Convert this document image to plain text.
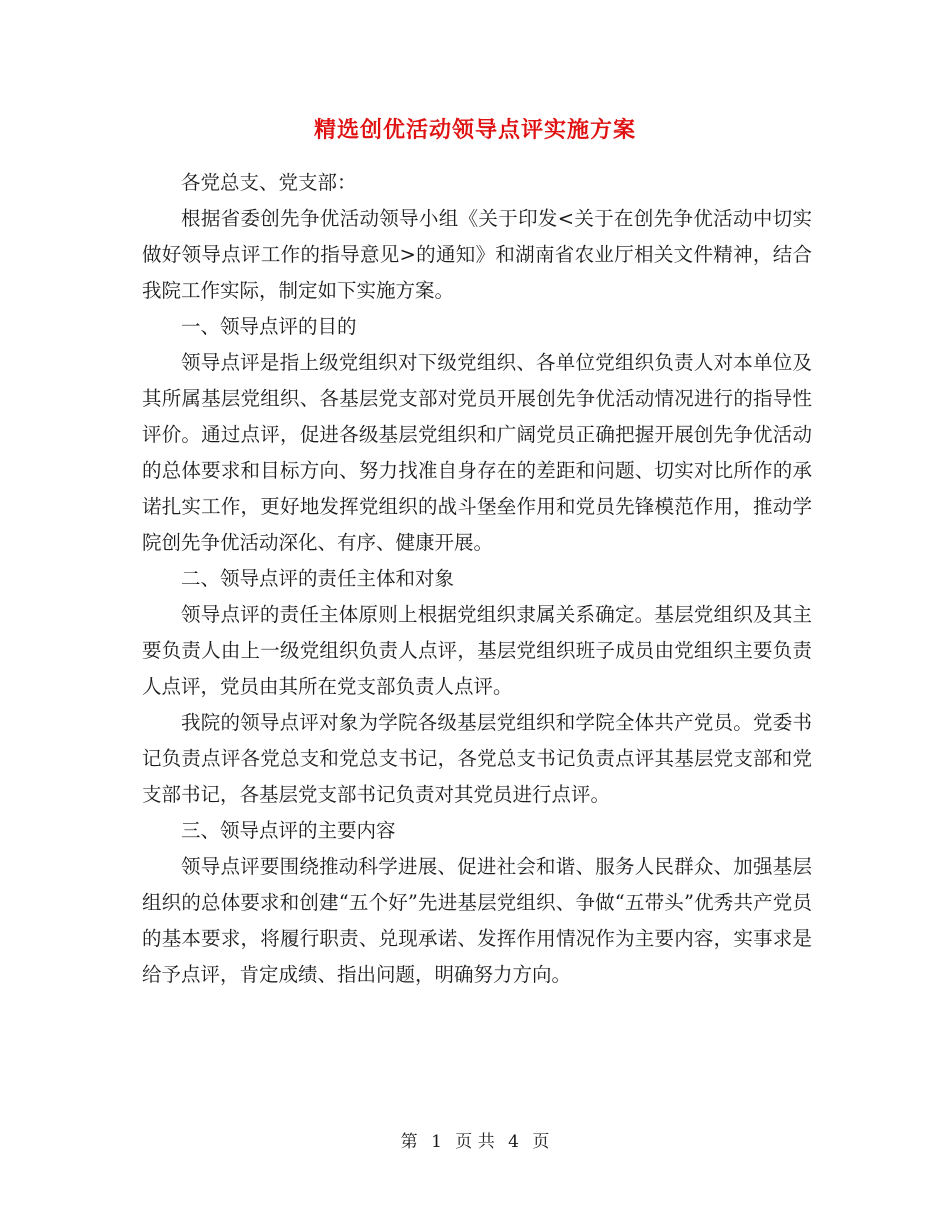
精选创优活动领导点评实施方案

各党总支、党支部：

根据省委创先争优活动领导小组《关于印发<关于在创先争优活动中切实做好领导点评工作的指导意见>的通知》和湖南省农业厅相关文件精神，结合我院工作实际，制定如下实施方案。

一、领导点评的目的

领导点评是指上级党组织对下级党组织、各单位党组织负责人对本单位及其所属基层党组织、各基层党支部对党员开展创先争优活动情况进行的指导性评价。通过点评，促进各级基层党组织和广阔党员正确把握开展创先争优活动的总体要求和目标方向、努力找准自身存在的差距和问题、切实对比所作的承诺扎实工作，更好地发挥党组织的战斗堡垒作用和党员先锋模范作用，推动学院创先争优活动深化、有序、健康开展。

二、领导点评的责任主体和对象

领导点评的责任主体原则上根据党组织隶属关系确定。基层党组织及其主要负责人由上一级党组织负责人点评，基层党组织班子成员由党组织主要负责人点评，党员由其所在党支部负责人点评。

我院的领导点评对象为学院各级基层党组织和学院全体共产党员。党委书记负责点评各党总支和党总支书记，各党总支书记负责点评其基层党支部和党支部书记，各基层党支部书记负责对其党员进行点评。

三、领导点评的主要内容

领导点评要围绕推动科学进展、促进社会和谐、服务人民群众、加强基层组织的总体要求和创建“五个好”先进基层党组织、争做“五带头”优秀共产党员的基本要求，将履行职责、兑现承诺、发挥作用情况作为主要内容，实事求是给予点评，肯定成绩、指出问题，明确努力方向。

第 1 页 共 4 页
